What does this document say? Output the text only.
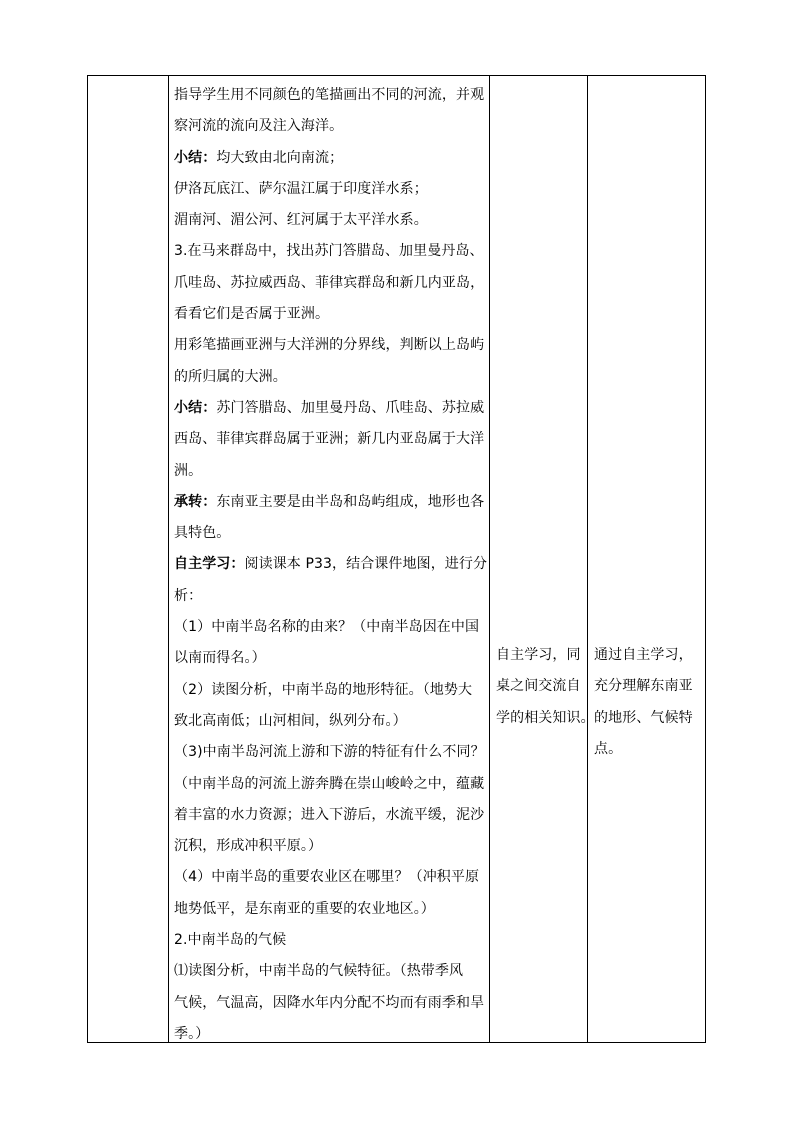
指导学生用不同颜色的笔描画出不同的河流，并观
察河流的流向及注入海洋。
小结：均大致由北向南流；
伊洛瓦底江、萨尔温江属于印度洋水系；
湄南河、湄公河、红河属于太平洋水系。
3.在马来群岛中，找出苏门答腊岛、加里曼丹岛、
爪哇岛、苏拉威西岛、菲律宾群岛和新几内亚岛，
看看它们是否属于亚洲。
用彩笔描画亚洲与大洋洲的分界线，判断以上岛屿
的所归属的大洲。
小结：苏门答腊岛、加里曼丹岛、爪哇岛、苏拉威
西岛、菲律宾群岛属于亚洲；新几内亚岛属于大洋
洲。
承转：东南亚主要是由半岛和岛屿组成，地形也各
具特色。
自主学习：阅读课本 P33，结合课件地图，进行分
析：
（1）中南半岛名称的由来？（中南半岛因在中国
以南而得名。）
（2）读图分析，中南半岛的地形特征。（地势大
致北高南低；山河相间，纵列分布。）
（3)中南半岛河流上游和下游的特征有什么不同？
（中南半岛的河流上游奔腾在崇山峻岭之中，蕴藏
着丰富的水力资源；进入下游后，水流平缓，泥沙
沉积，形成冲积平原。）
（4）中南半岛的重要农业区在哪里？（冲积平原
地势低平，是东南亚的重要的农业地区。）
2.中南半岛的气候
⑴读图分析，中南半岛的气候特征。（热带季风
气候，气温高，因降水年内分配不均而有雨季和旱
季。）
自主学习，同
桌之间交流自
学的相关知识。
通过自主学习，
充分理解东南亚
的地形、气候特
点。
